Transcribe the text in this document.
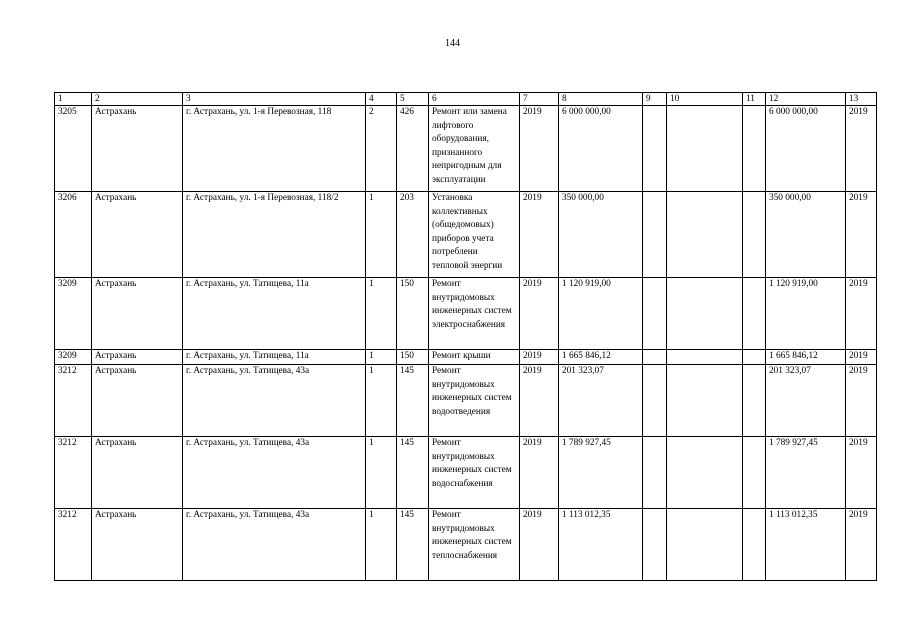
144
1	2	3	4	5	6	7	8	9	10	11	12	13
3205	Астрахань	г. Астрахань, ул. 1-я Перевозная, 118	2	426	Ремонт или замена лифтового оборудования, признанного непригодным для эксплуатации	2019	6 000 000,00				6 000 000,00	2019
3206	Астрахань	г. Астрахань, ул. 1-я Перевозная, 118/2	1	203	Установка коллективных (общедомовых) приборов учета потреблени тепловой энергии	2019	350 000,00				350 000,00	2019
3209	Астрахань	г. Астрахань, ул. Татищева, 11а	1	150	Ремонт внутридомовых инженерных систем электроснабжения	2019	1 120 919,00				1 120 919,00	2019
3209	Астрахань	г. Астрахань, ул. Татищева, 11а	1	150	Ремонт крыши	2019	1 665 846,12				1 665 846,12	2019
3212	Астрахань	г. Астрахань, ул. Татищева, 43а	1	145	Ремонт внутридомовых инженерных систем водоотведения	2019	201 323,07				201 323,07	2019
3212	Астрахань	г. Астрахань, ул. Татищева, 43а	1	145	Ремонт внутридомовых инженерных систем водоснабжения	2019	1 789 927,45				1 789 927,45	2019
3212	Астрахань	г. Астрахань, ул. Татищева, 43а	1	145	Ремонт внутридомовых инженерных систем теплоснабжения	2019	1 113 012,35				1 113 012,35	2019
